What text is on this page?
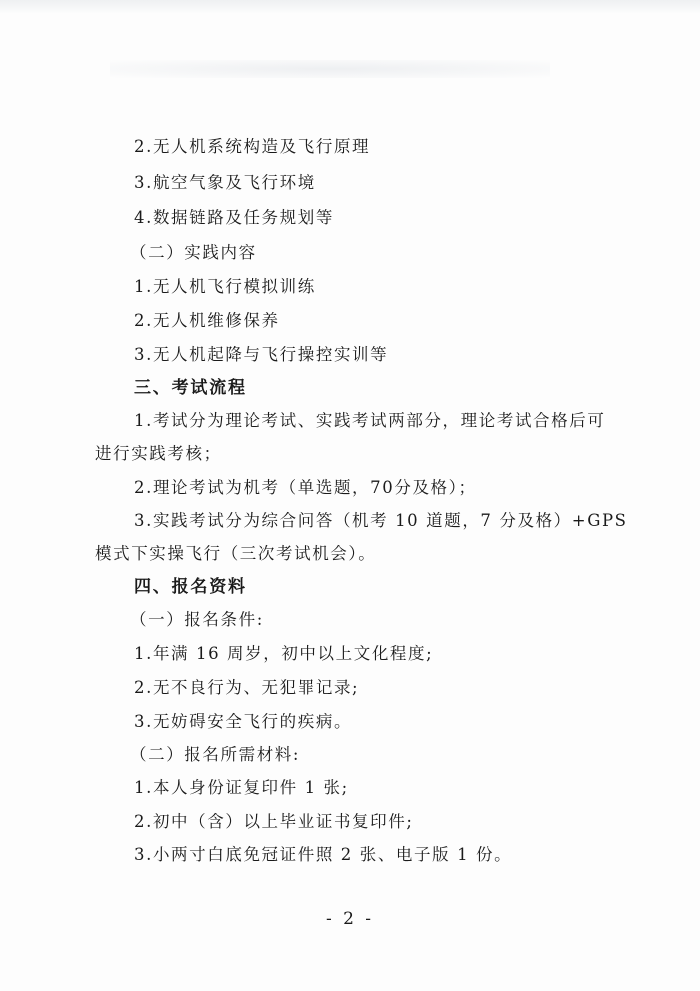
2.无人机系统构造及飞行原理
3.航空气象及飞行环境
4.数据链路及任务规划等
（二）实践内容
1.无人机飞行模拟训练
2.无人机维修保养
3.无人机起降与飞行操控实训等
三、考试流程
1.考试分为理论考试、实践考试两部分，理论考试合格后可
进行实践考核；
2.理论考试为机考（单选题，70分及格）；
3.实践考试分为综合问答（机考 10 道题，7 分及格）+GPS
模式下实操飞行（三次考试机会）。
四、报名资料
（一）报名条件:
1.年满 16 周岁，初中以上文化程度;
2.无不良行为、无犯罪记录;
3.无妨碍安全飞行的疾病。
（二）报名所需材料:
1.本人身份证复印件 1 张;
2.初中（含）以上毕业证书复印件;
3.小两寸白底免冠证件照 2 张、电子版 1 份。
- 2 -
